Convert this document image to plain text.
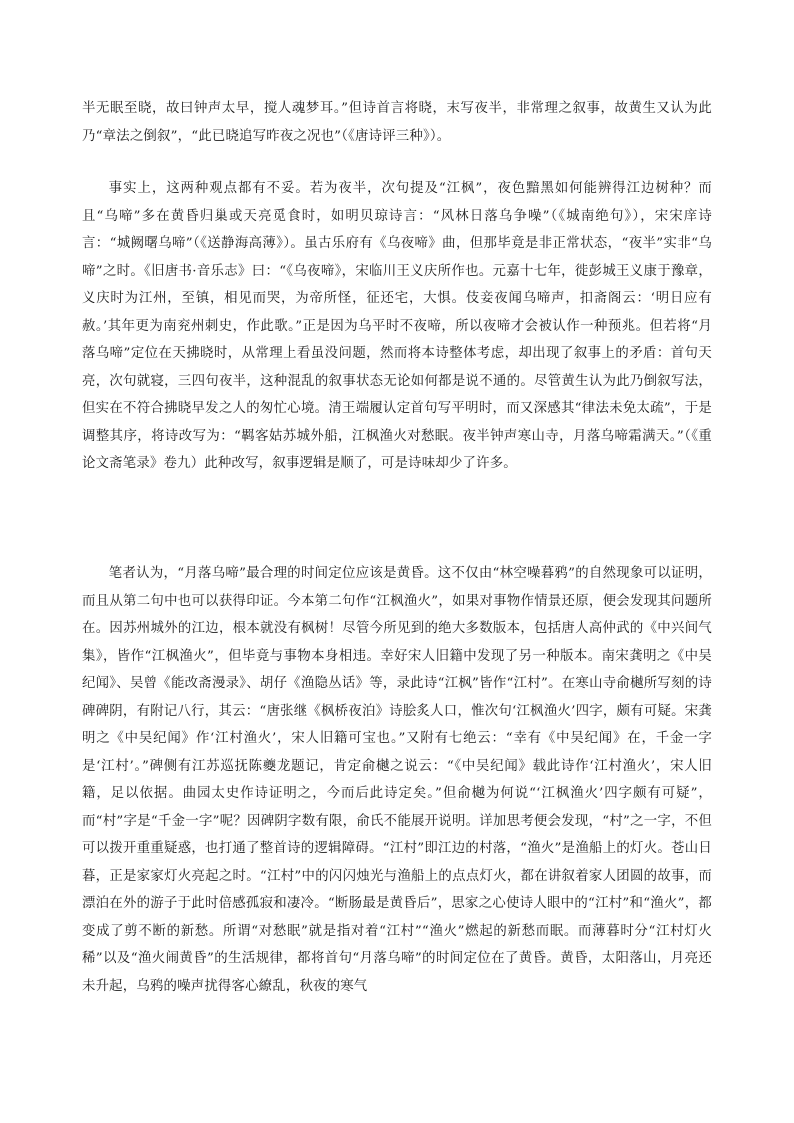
半无眠至晓，故曰钟声太早，搅人魂梦耳。”但诗首言将晓，末写夜半，非常理之叙事，故黄生又认为此乃“章法之倒叙”，“此已晓追写昨夜之况也”（《唐诗评三种》）。

事实上，这两种观点都有不妥。若为夜半，次句提及“江枫”，夜色黯黑如何能辨得江边树种？而且“乌啼”多在黄昏归巢或天亮觅食时，如明贝琼诗言：“风林日落乌争噪”（《城南绝句》），宋宋庠诗言：“城阙曙乌啼”（《送静海高薄》）。虽古乐府有《乌夜啼》曲，但那毕竟是非正常状态，“夜半”实非“乌啼”之时。《旧唐书·音乐志》曰：“《乌夜啼》，宋临川王义庆所作也。元嘉十七年，徙彭城王义康于豫章，义庆时为江州，至镇，相见而哭，为帝所怪，征还宅，大惧。伎妾夜闻乌啼声，扣斋阁云：‘明日应有赦。’其年更为南兖州刺史，作此歌。”正是因为乌平时不夜啼，所以夜啼才会被认作一种预兆。但若将“月落乌啼”定位在天拂晓时，从常理上看虽没问题，然而将本诗整体考虑，却出现了叙事上的矛盾：首句天亮，次句就寝，三四句夜半，这种混乱的叙事状态无论如何都是说不通的。尽管黄生认为此乃倒叙写法，但实在不符合拂晓早发之人的匆忙心境。清王端履认定首句写平明时，而又深感其“律法未免太疏”，于是调整其序，将诗改写为：“羁客姑苏城外船，江枫渔火对愁眠。夜半钟声寒山寺，月落乌啼霜满天。”（《重论文斋笔录》卷九）此种改写，叙事逻辑是顺了，可是诗味却少了许多。

笔者认为，“月落乌啼”最合理的时间定位应该是黄昏。这不仅由“林空噪暮鸦”的自然现象可以证明，而且从第二句中也可以获得印证。今本第二句作“江枫渔火”，如果对事物作情景还原，便会发现其问题所在。因苏州城外的江边，根本就没有枫树！尽管今所见到的绝大多数版本，包括唐人高仲武的《中兴间气集》，皆作“江枫渔火”，但毕竟与事物本身相违。幸好宋人旧籍中发现了另一种版本。南宋龚明之《中吴纪闻》、吴曾《能改斋漫录》、胡仔《渔隐丛话》等，录此诗“江枫”皆作“江村”。在寒山寺俞樾所写刻的诗碑碑阴，有附记八行，其云：“唐张继《枫桥夜泊》诗脍炙人口，惟次句‘江枫渔火’四字，颇有可疑。宋龚明之《中吴纪闻》作‘江村渔火’，宋人旧籍可宝也。”又附有七绝云：“幸有《中吴纪闻》在，千金一字是‘江村’。”碑侧有江苏巡抚陈夔龙题记，肯定俞樾之说云：“《中吴纪闻》载此诗作‘江村渔火’，宋人旧籍，足以依据。曲园太史作诗证明之，今而后此诗定矣。”但俞樾为何说“‘江枫渔火’四字颇有可疑”，而“村”字是“千金一字”呢？因碑阴字数有限，俞氏不能展开说明。详加思考便会发现，“村”之一字，不但可以拨开重重疑惑，也打通了整首诗的逻辑障碍。“江村”即江边的村落，“渔火”是渔船上的灯火。苍山日暮，正是家家灯火亮起之时。“江村”中的闪闪烛光与渔船上的点点灯火，都在讲叙着家人团圆的故事，而漂泊在外的游子于此时倍感孤寂和凄冷。“断肠最是黄昏后”，思家之心使诗人眼中的“江村”和“渔火”，都变成了剪不断的新愁。所谓“对愁眠”就是指对着“江村”“渔火”燃起的新愁而眠。而薄暮时分“江村灯火稀”以及“渔火闹黄昏”的生活规律，都将首句“月落乌啼”的时间定位在了黄昏。黄昏，太阳落山，月亮还未升起，乌鸦的噪声扰得客心繚乱，秋夜的寒气
